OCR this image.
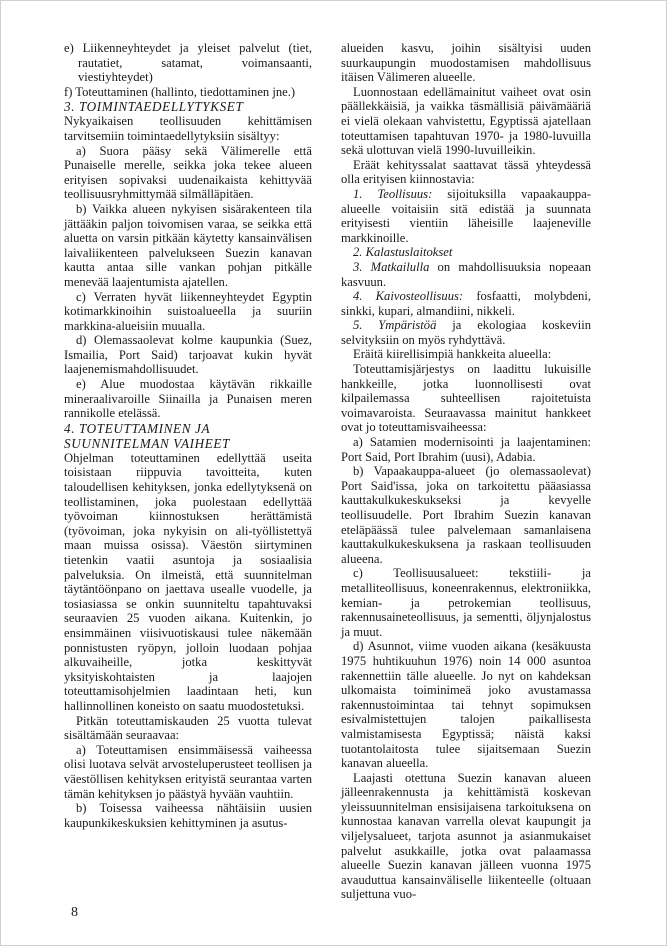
e) Liikenneyhteydet ja yleiset palvelut (tiet, rautatiet, satamat, voimansaanti, viestiyhteydet)

f) Toteuttaminen (hallinto, tiedottaminen jne.)

3. TOIMINTAEDELLYTYKSET

Nykyaikaisen teollisuuden kehittämisen tarvitsemiin toimintaedellytyksiin sisältyy:

a) Suora pääsy sekä Välimerelle että Punaiselle merelle, seikka joka tekee alueen erityisen sopivaksi uudenaikaista kehittyvää teollisuusryhmittymää silmälläpitäen.

b) Vaikka alueen nykyisen sisärakenteen tila jättääkin paljon toivomisen varaa, se seikka että aluetta on varsin pitkään käytetty kansainvälisen laivaliikenteen palvelukseen Suezin kanavan kautta antaa sille vankan pohjan pitkälle menevää laajentumista ajatellen.

c) Verraten hyvät liikenneyhteydet Egyptin kotimarkkinoihin suistoalueella ja suuriin markkina-alueisiin muualla.

d) Olemassaolevat kolme kaupunkia (Suez, Ismailia, Port Said) tarjoavat kukin hyvät laajenemismahdollisuudet.

e) Alue muodostaa käytävän rikkaille mineraalivaroille Siinailla ja Punaisen meren rannikolle etelässä.

4. TOTEUTTAMINEN JA
SUUNNITELMAN VAIHEET

Ohjelman toteuttaminen edellyttää useita toisistaan riippuvia tavoitteita, kuten taloudellisen kehityksen, jonka edellytyksenä on teollistaminen, joka puolestaan edellyttää työvoiman kiinnostuksen herättämistä (työvoiman, joka nykyisin on ali-työllistettyä maan muissa osissa). Väestön siirtyminen tietenkin vaatii asuntoja ja sosiaalisia palveluksia. On ilmeistä, että suunnitelman täytäntöönpano on jaettava usealle vuodelle, ja tosiasiassa se onkin suunniteltu tapahtuvaksi seuraavien 25 vuoden aikana. Kuitenkin, jo ensimmäinen viisivuotiskausi tulee näkemään ponnistusten ryöpyn, jolloin luodaan pohjaa alkuvaiheille, jotka keskittyvät yksityiskohtaisten ja laajojen toteuttamisohjelmien laadintaan heti, kun hallinnollinen koneisto on saatu muodostetuksi.

Pitkän toteuttamiskauden 25 vuotta tulevat sisältämään seuraavaa:

a) Toteuttamisen ensimmäisessä vaiheessa olisi luotava selvät arvosteluperusteet teollisen ja väestöllisen kehityksen erityistä seurantaa varten tämän kehityksen jo päästyä hyvään vauhtiin.

b) Toisessa vaiheessa nähtäisiin uusien kaupunkikeskuksien kehittyminen ja asutus-

alueiden kasvu, joihin sisältyisi uuden suurkaupungin muodostamisen mahdollisuus itäisen Välimeren alueelle.

Luonnostaan edellämainitut vaiheet ovat osin päällekkäisiä, ja vaikka täsmällisiä päivämääriä ei vielä olekaan vahvistettu, Egyptissä ajatellaan toteuttamisen tapahtuvan 1970- ja 1980-luvuilla sekä ulottuvan vielä 1990-luvuilleikin.

Eräät kehityssalat saattavat tässä yhteydessä olla erityisen kiinnostavia:

1. Teollisuus: sijoituksilla vapaakauppa-alueelle voitaisiin sitä edistää ja suunnata erityisesti vientiin läheisille laajeneville markkinoille.

2. Kalastuslaitokset

3. Matkailulla on mahdollisuuksia nopeaan kasvuun.

4. Kaivosteollisuus: fosfaatti, molybdeni, sinkki, kupari, almandiini, nikkeli.

5. Ympäristöä ja ekologiaa koskeviin selvityksiin on myös ryhdyttävä.

Eräitä kiirellisimpiä hankkeita alueella:

Toteuttamisjärjestys on laadittu lukuisille hankkeille, jotka luonnollisesti ovat kilpailemassa suhteellisen rajoitetuista voimavaroista. Seuraavassa mainitut hankkeet ovat jo toteuttamisvaiheessa:

a) Satamien modernisointi ja laajentaminen: Port Said, Port Ibrahim (uusi), Adabia.

b) Vapaakauppa-alueet (jo olemassaolevat) Port Said'issa, joka on tarkoitettu pääasiassa kauttakulkukeskukseksi ja kevyelle teollisuudelle. Port Ibrahim Suezin kanavan eteläpäässä tulee palvelemaan samanlaisena kauttakulkukeskuksena ja raskaan teollisuuden alueena.

c) Teollisuusalueet: tekstiili- ja metalliteollisuus, koneenrakennus, elektroniikka, kemian- ja petrokemian teollisuus, rakennusaineteollisuus, ja sementti, öljynjalostus ja muut.

d) Asunnot, viime vuoden aikana (kesäkuusta 1975 huhtikuuhun 1976) noin 14 000 asuntoa rakennettiin tälle alueelle. Jo nyt on kahdeksan ulkomaista toiminimeä joko avustamassa rakennustoimintaa tai tehnyt sopimuksen esivalmistettujen talojen paikallisesta valmistamisesta Egyptissä; näistä kaksi tuotantolaitosta tulee sijaitsemaan Suezin kanavan alueella.

Laajasti otettuna Suezin kanavan alueen jälleenrakennusta ja kehittämistä koskevan yleissuunnitelman ensisijaisena tarkoituksena on kunnostaa kanavan varrella olevat kaupungit ja viljelysalueet, tarjota asunnot ja asianmukaiset palvelut asukkaille, jotka ovat palaamassa alueelle Suezin kanavan jälleen vuonna 1975 avauduttua kansainväliselle liikenteelle (oltuaan suljettuna vuo-

8
